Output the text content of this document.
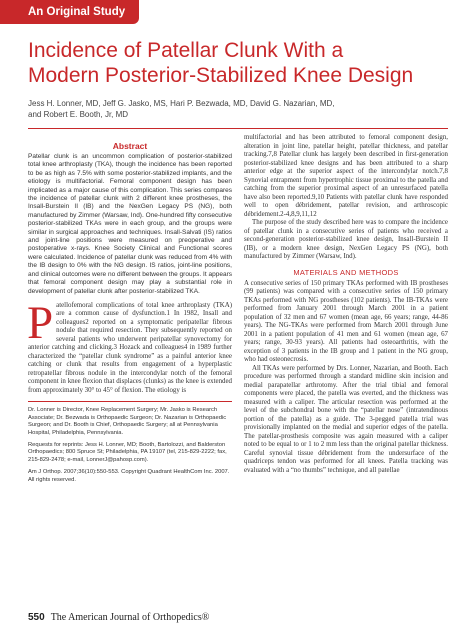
An Original Study
Incidence of Patellar Clunk With a
Modern Posterior-Stabilized Knee Design
Jess H. Lonner, MD, Jeff G. Jasko, MS, Hari P. Bezwada, MD, David G. Nazarian, MD,
and Robert E. Booth, Jr, MD
Abstract

Patellar clunk is an uncommon complication of posterior-stabilized total knee arthroplasty (TKA), though the incidence has been reported to be as high as 7.5% with some posterior-stabilized implants, and the etiology is multifactorial. Femoral component design has been implicated as a major cause of this complication. This series compares the incidence of patellar clunk with 2 different knee prostheses, the Insall-Burstein II (IB) and the NexGen Legacy PS (NG), both manufactured by Zimmer (Warsaw, Ind). One-hundred fifty consecutive posterior-stabilized TKAs were in each group, and the groups were similar in surgical approaches and techniques. Insall-Salvati (IS) ratios and joint-line positions were measured on preoperative and postoperative x-rays. Knee Society Clinical and Functional scores were calculated. Incidence of patellar clunk was reduced from 4% with the IB design to 0% with the NG design. IS ratios, joint-line positions, and clinical outcomes were no different between the groups. It appears that femoral component design may play a substantial role in development of patellar clunk after posterior-stabilized TKA.

P atellofemoral complications of total knee arthroplasty (TKA) are a common cause of dysfunction.1 In 1982, Insall and colleagues2 reported on a symptomatic peripatellar fibrous nodule that required resection. They subsequently reported on several patients who underwent peripatellar synovectomy for anterior catching and clicking.3 Hozack and colleagues4 in 1989 further characterized the “patellar clunk syndrome” as a painful anterior knee catching or clunk that results from engagement of a hyperplastic retropatellar fibrous nodule in the intercondylar notch of the femoral component in knee flexion that displaces (clunks) as the knee is extended from approximately 30° to 45° of flexion. The etiology is

Dr. Lonner is Director, Knee Replacement Surgery; Mr. Jasko is Research Associate; Dr. Bezwada is Orthopaedic Surgeon; Dr. Nazarian is Orthopaedic Surgeon; and Dr. Booth is Chief, Orthopaedic Surgery; all at Pennsylvania Hospital, Philadelphia, Pennsylvania.

Requests for reprints: Jess H. Lonner, MD; Booth, Bartolozzi, and Balderston Orthopaedics; 800 Spruce St; Philadelphia, PA 19107 (tel, 215-829-2222; fax, 215-829-2478; e-mail, LonnerJ@pahosp.com).

Am J Orthop. 2007;36(10):550-553. Copyright Quadrant HealthCom Inc. 2007. All rights reserved.

multifactorial and has been attributed to femoral component design, alteration in joint line, patellar height, patellar thickness, and patellar tracking.7,8 Patellar clunk has largely been described in first-generation posterior-stabilized knee designs and has been attributed to a sharp anterior edge at the superior aspect of the intercondylar notch.7,8 Synovial entrapment from hypertrophic tissue proximal to the patella and catching from the superior proximal aspect of an unresurfaced patella have also been reported.9,10 Patients with patellar clunk have responded well to open débridement, patellar revision, and arthroscopic débridement.2-4,8,9,11,12

The purpose of the study described here was to compare the incidence of patellar clunk in a consecutive series of patients who received a second-generation posterior-stabilized knee design, Insall-Burstein II (IB), or a modern knee design, NexGen Legacy PS (NG), both manufactured by Zimmer (Warsaw, Ind).

MATERIALS AND METHODS

A consecutive series of 150 primary TKAs performed with IB prostheses (99 patients) was compared with a consecutive series of 150 primary TKAs performed with NG prostheses (102 patients). The IB-TKAs were performed from January 2001 through March 2001 in a patient population of 32 men and 67 women (mean age, 66 years; range, 44-86 years). The NG-TKAs were performed from March 2001 through June 2001 in a patient population of 41 men and 61 women (mean age, 67 years; range, 30-93 years). All patients had osteoarthritis, with the exception of 3 patients in the IB group and 1 patient in the NG group, who had osteonecrosis.

All TKAs were performed by Drs. Lonner, Nazarian, and Booth. Each procedure was performed through a standard midline skin incision and medial parapatellar arthrotomy. After the trial tibial and femoral components were placed, the patella was everted, and the thickness was measured with a caliper. The articular resection was performed at the level of the subchondral bone with the “patellar nose” (intratendinous portion of the patella) as a guide. The 3-pegged patella trial was provisionally implanted on the medial and superior edges of the patella. The patellar-prosthesis composite was again measured with a caliper noted to be equal to or 1 to 2 mm less than the original patellar thickness. Careful synovial tissue débridement from the undersurface of the quadriceps tendon was performed for all knees. Patella tracking was evaluated with a “no thumbs” technique, and all patellae

550 The American Journal of Orthopedics®
